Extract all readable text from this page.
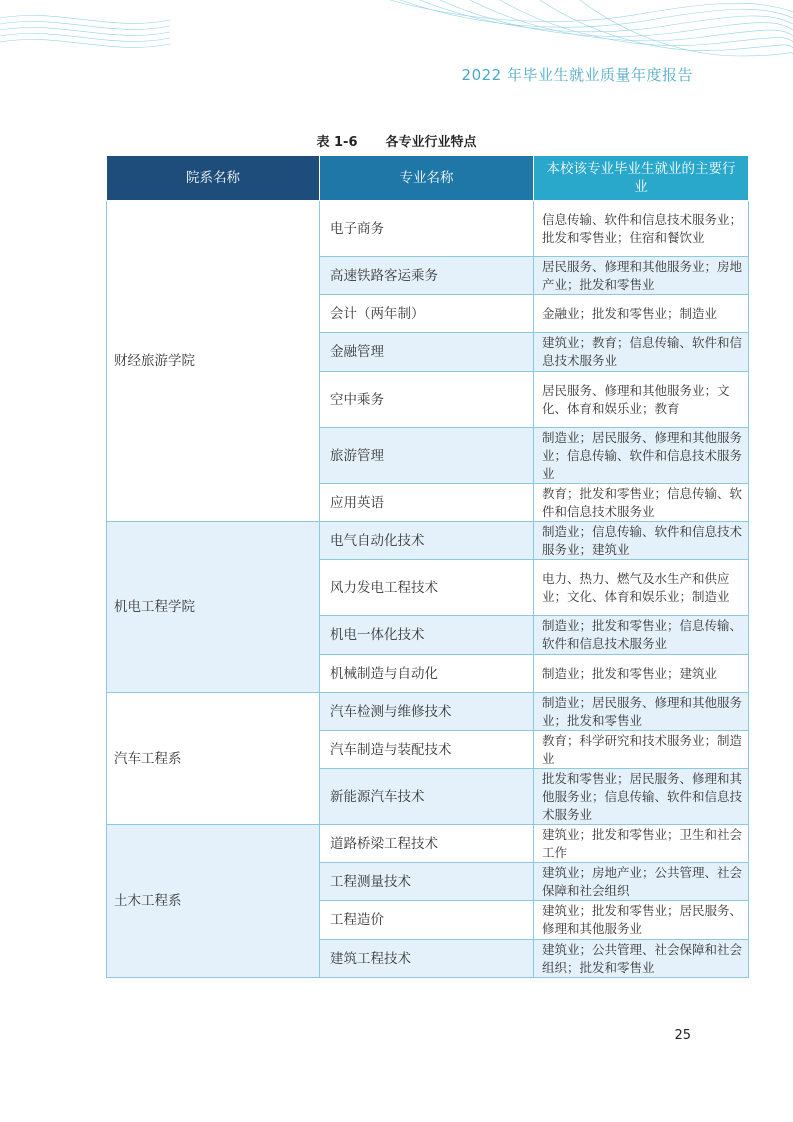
2022 年毕业生就业质量年度报告
表 1-6 各专业行业特点
院系名称	专业名称	本校该专业毕业生就业的主要行业
财经旅游学院	电子商务	信息传输、软件和信息技术服务业；批发和零售业；住宿和餐饮业
	高速铁路客运乘务	居民服务、修理和其他服务业；房地产业；批发和零售业
	会计（两年制）	金融业；批发和零售业；制造业
	金融管理	建筑业；教育；信息传输、软件和信息技术服务业
	空中乘务	居民服务、修理和其他服务业；文化、体育和娱乐业；教育
	旅游管理	制造业；居民服务、修理和其他服务业；信息传输、软件和信息技术服务业
	应用英语	教育；批发和零售业；信息传输、软件和信息技术服务业
机电工程学院	电气自动化技术	制造业；信息传输、软件和信息技术服务业；建筑业
	风力发电工程技术	电力、热力、燃气及水生产和供应业；文化、体育和娱乐业；制造业
	机电一体化技术	制造业；批发和零售业；信息传输、软件和信息技术服务业
	机械制造与自动化	制造业；批发和零售业；建筑业
汽车工程系	汽车检测与维修技术	制造业；居民服务、修理和其他服务业；批发和零售业
	汽车制造与装配技术	教育；科学研究和技术服务业；制造业
	新能源汽车技术	批发和零售业；居民服务、修理和其他服务业；信息传输、软件和信息技术服务业
土木工程系	道路桥梁工程技术	建筑业；批发和零售业；卫生和社会工作
	工程测量技术	建筑业；房地产业；公共管理、社会保障和社会组织
	工程造价	建筑业；批发和零售业；居民服务、修理和其他服务业
	建筑工程技术	建筑业；公共管理、社会保障和社会组织；批发和零售业
25
